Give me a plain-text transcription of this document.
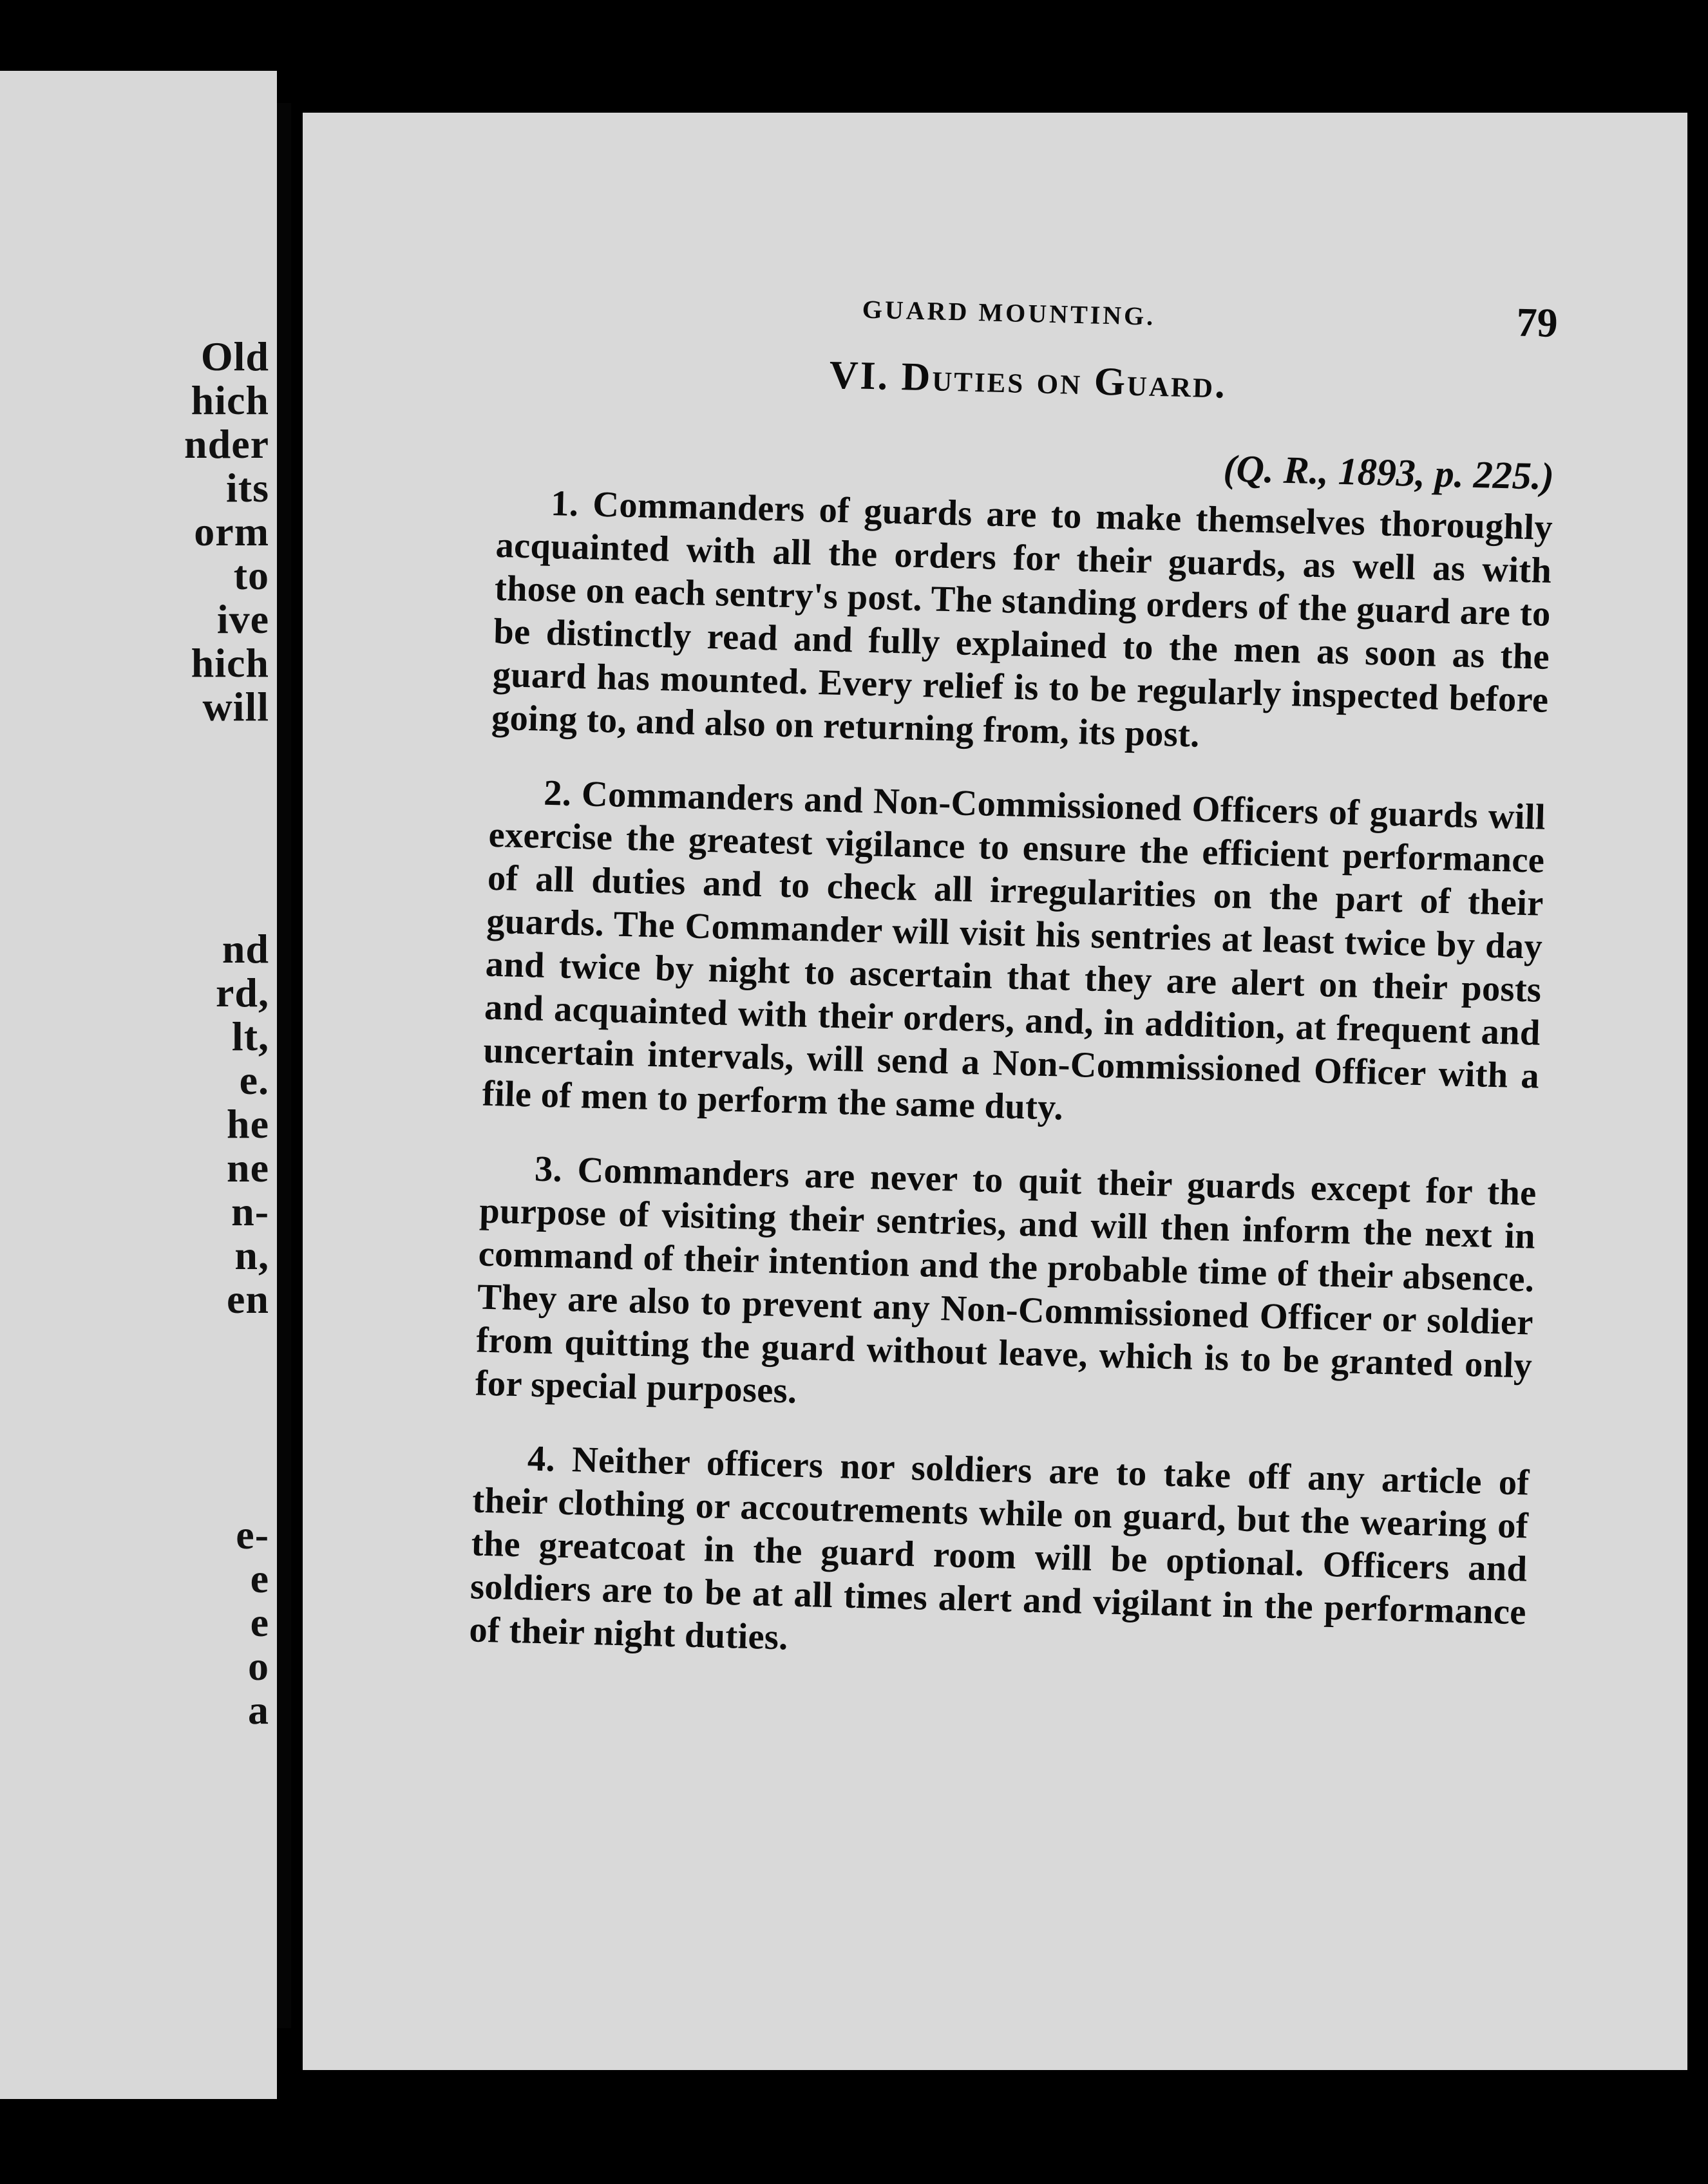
Old
hich
nder
its
orm
to
ive
hich
will
nd
rd,
lt,
e.
he
ne
n-
n,
en
e-
e
e
o
a
GUARD MOUNTING.	79
VI. Duties on Guard.
(Q. R., 1893, p. 225.)

1. Commanders of guards are to make themselves thoroughly acquainted with all the orders for their guards, as well as with those on each sentry's post. The standing orders of the guard are to be distinctly read and fully explained to the men as soon as the guard has mounted. Every relief is to be regularly inspected before going to, and also on returning from, its post.

2. Commanders and Non-Commissioned Officers of guards will exercise the greatest vigilance to ensure the efficient performance of all duties and to check all irregularities on the part of their guards. The Commander will visit his sentries at least twice by day and twice by night to ascertain that they are alert on their posts and acquainted with their orders, and, in addition, at frequent and uncertain intervals, will send a Non-Commissioned Officer with a file of men to perform the same duty.

3. Commanders are never to quit their guards except for the purpose of visiting their sentries, and will then inform the next in command of their intention and the probable time of their absence. They are also to prevent any Non-Commissioned Officer or soldier from quitting the guard without leave, which is to be granted only for special purposes.

4. Neither officers nor soldiers are to take off any article of their clothing or accoutrements while on guard, but the wearing of the greatcoat in the guard room will be optional. Officers and soldiers are to be at all times alert and vigilant in the performance of their night duties.
